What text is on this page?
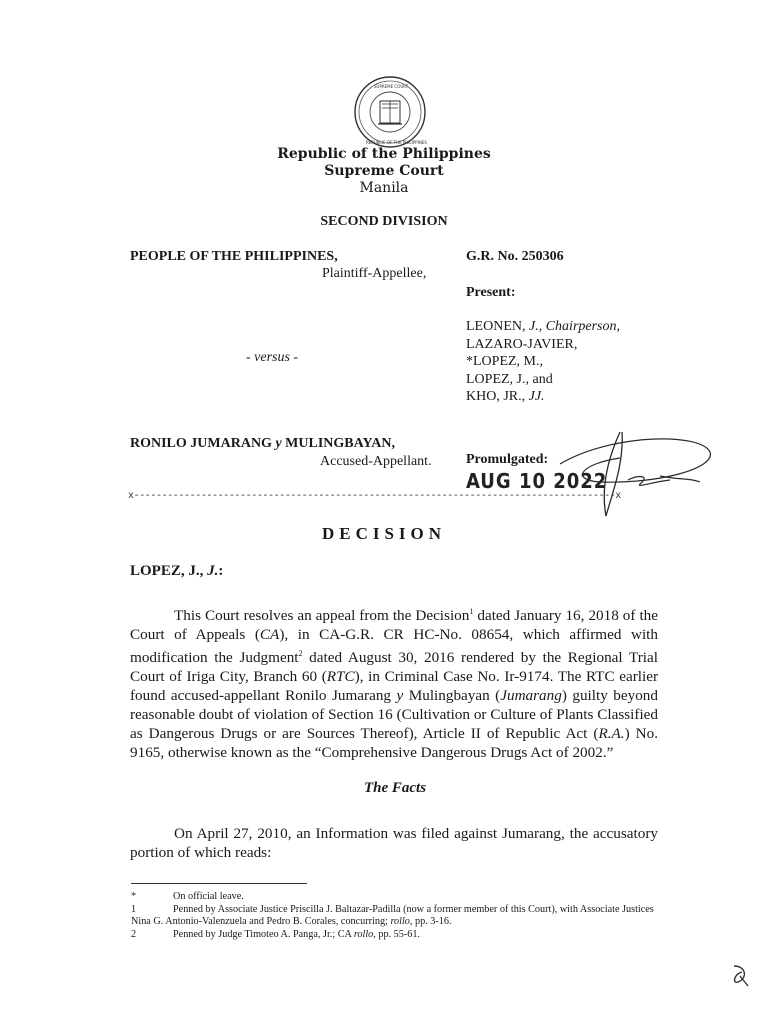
SUPREME COURT
REPUBLIC OF THE PHILIPPINES
Republic of the Philippines
Supreme Court
Manila
SECOND DIVISION
PEOPLE OF THE PHILIPPINES,
Plaintiff-Appellee,
- versus -
RONILO JUMARANG y MULINGBAYAN,
Accused-Appellant.
G.R. No. 250306
Present:
LEONEN, J., Chairperson,
LAZARO-JAVIER,
*LOPEZ, M.,
LOPEZ, J., and
KHO, JR., JJ.
Promulgated:
AUG 10 2022
x--------------------------------------------------------------------------------------x
DECISION
LOPEZ, J., J.:
This Court resolves an appeal from the Decision$^1$ dated January 16, 2018 of the Court of Appeals (CA), in CA-G.R. CR HC-No. 08654, which affirmed with modification the Judgment$^2$ dated August 30, 2016 rendered by the Regional Trial Court of Iriga City, Branch 60 (RTC), in Criminal Case No. Ir-9174. The RTC earlier found accused-appellant Ronilo Jumarang y Mulingbayan (Jumarang) guilty beyond reasonable doubt of violation of Section 16 (Cultivation or Culture of Plants Classified as Dangerous Drugs or are Sources Thereof), Article II of Republic Act (R.A.) No. 9165, otherwise known as the “Comprehensive Dangerous Drugs Act of 2002.”
The Facts
On April 27, 2010, an Information was filed against Jumarang, the accusatory portion of which reads:
*	On official leave.
1	Penned by Associate Justice Priscilla J. Baltazar-Padilla (now a former member of this Court), with Associate Justices Nina G. Antonio-Valenzuela and Pedro B. Corales, concurring; rollo, pp. 3-16.
2	Penned by Judge Timoteo A. Panga, Jr.; CA rollo, pp. 55-61.
